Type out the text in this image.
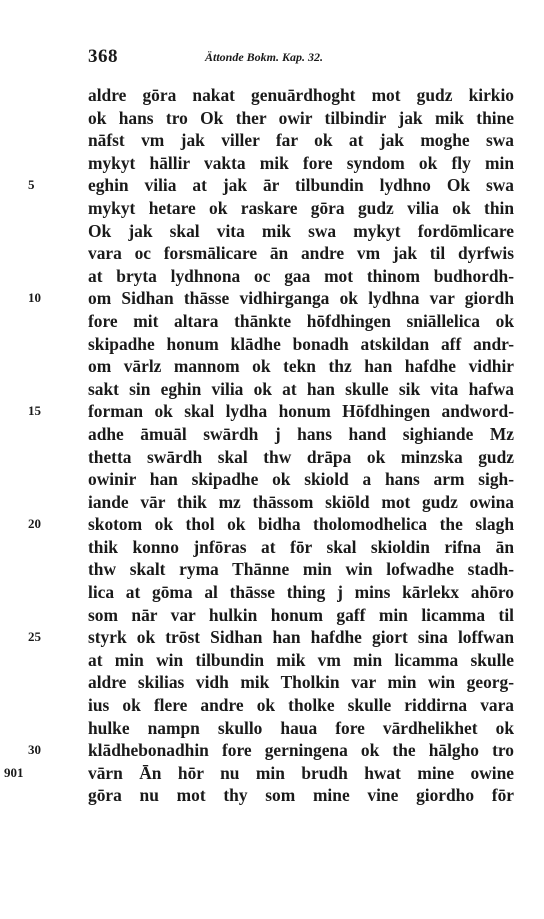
368	Ättonde Bokm. Kap. 32.
aldre gōra nakat genuārdhoght mot gudz kirkio
ok hans tro Ok ther owir tilbindir jak mik thine
nāfst vm jak viller far ok at jak moghe swa
mykyt hāllir vakta mik fore syndom ok fly min
5	eghin vilia at jak ār tilbundin lydhno Ok swa
mykyt hetare ok raskare gōra gudz vilia ok thin
Ok jak skal vita mik swa mykyt fordōmlicare
vara oc forsmālicare ān andre vm jak til dyrfwis
at bryta lydhnona oc gaa mot thinom budhordh-
10	om Sidhan thāsse vidhirganga ok lydhna var giordh
fore mit altara thānkte hōfdhingen sniāllelica ok
skipadhe honum klādhe bonadh atskildan aff andr-
om vārlz mannom ok tekn thz han hafdhe vidhir
sakt sin eghin vilia ok at han skulle sik vita hafwa
15	forman ok skal lydha honum Hōfdhingen andword-
adhe āmuāl swārdh j hans hand sighiande Mz
thetta swārdh skal thw drāpa ok minzska gudz
owinir han skipadhe ok skiold a hans arm sigh-
iande vār thik mz thāssom skiōld mot gudz owina
20	skotom ok thol ok bidha tholomodhelica the slagh
thik konno jnfōras at fōr skal skioldin rifna ān
thw skalt ryma Thānne min win lofwadhe stadh-
lica at gōma al thāsse thing j mins kārlekx ahōro
som nār var hulkin honum gaff min licamma til
25	styrk ok trōst Sidhan han hafdhe giort sina loffwan
at min win tilbundin mik vm min licamma skulle
aldre skilias vidh mik Tholkin var min win georg-
ius ok flere andre ok tholke skulle riddirna vara
hulke nampn skullo haua fore vārdhelikhet ok
30	klādhebonadhin fore gerningena ok the hālgho tro
901	vārn Ān hōr nu min brudh hwat mine owine
gōra nu mot thy som mine vine giordho fōr
